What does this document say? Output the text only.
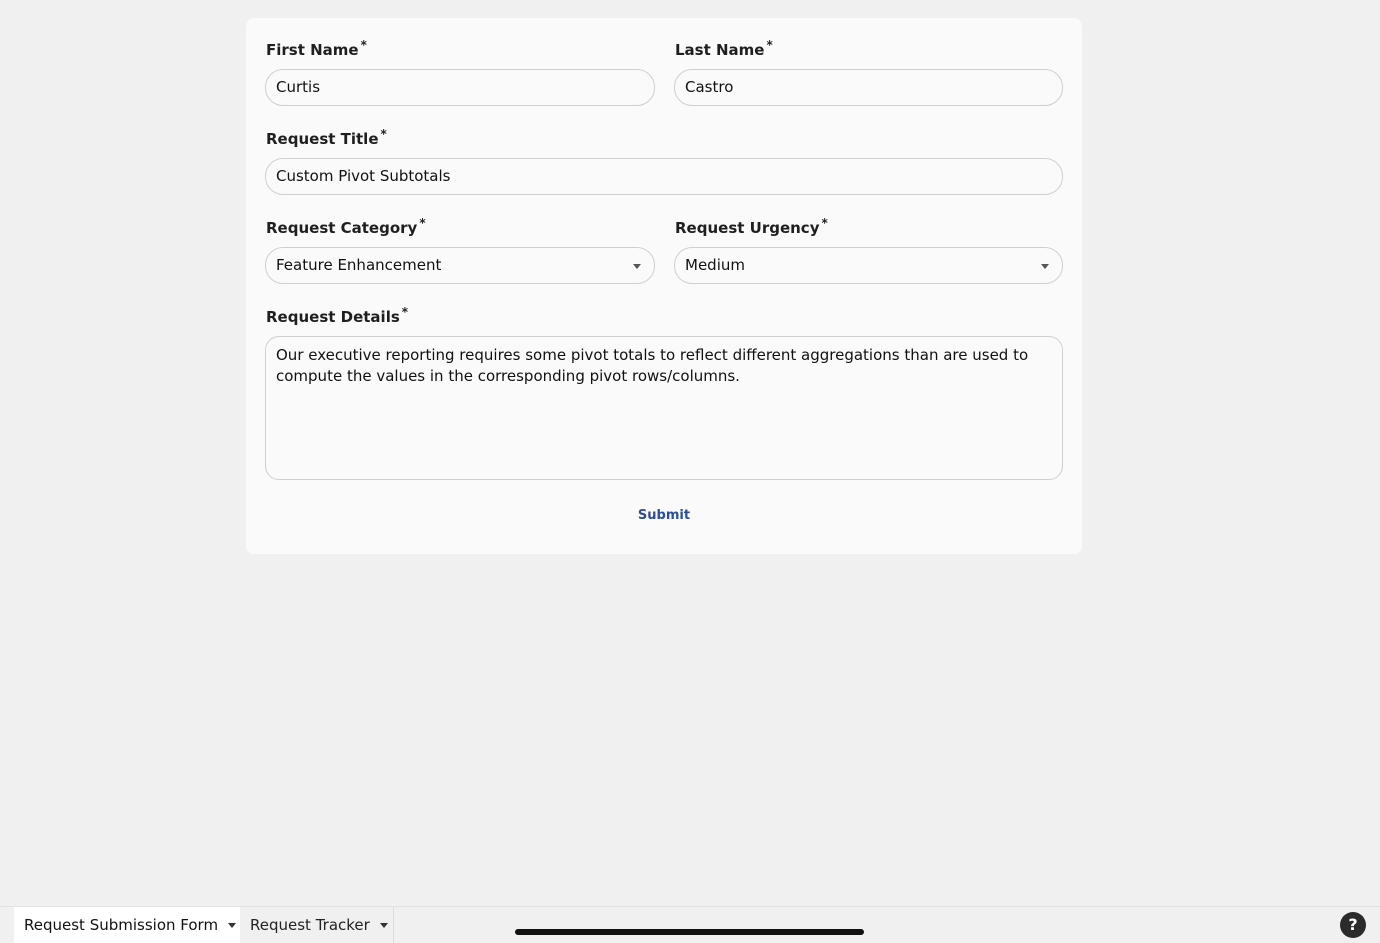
First Name *
Curtis
Last Name *
Castro
Request Title *
Custom Pivot Subtotals
Request Category *
Feature Enhancement
Request Urgency *
Medium
Request Details *
Our executive reporting requires some pivot totals to reflect different aggregations than are used to compute the values in the corresponding pivot rows/columns.
Submit
Request Submission Form	Request Tracker	?
